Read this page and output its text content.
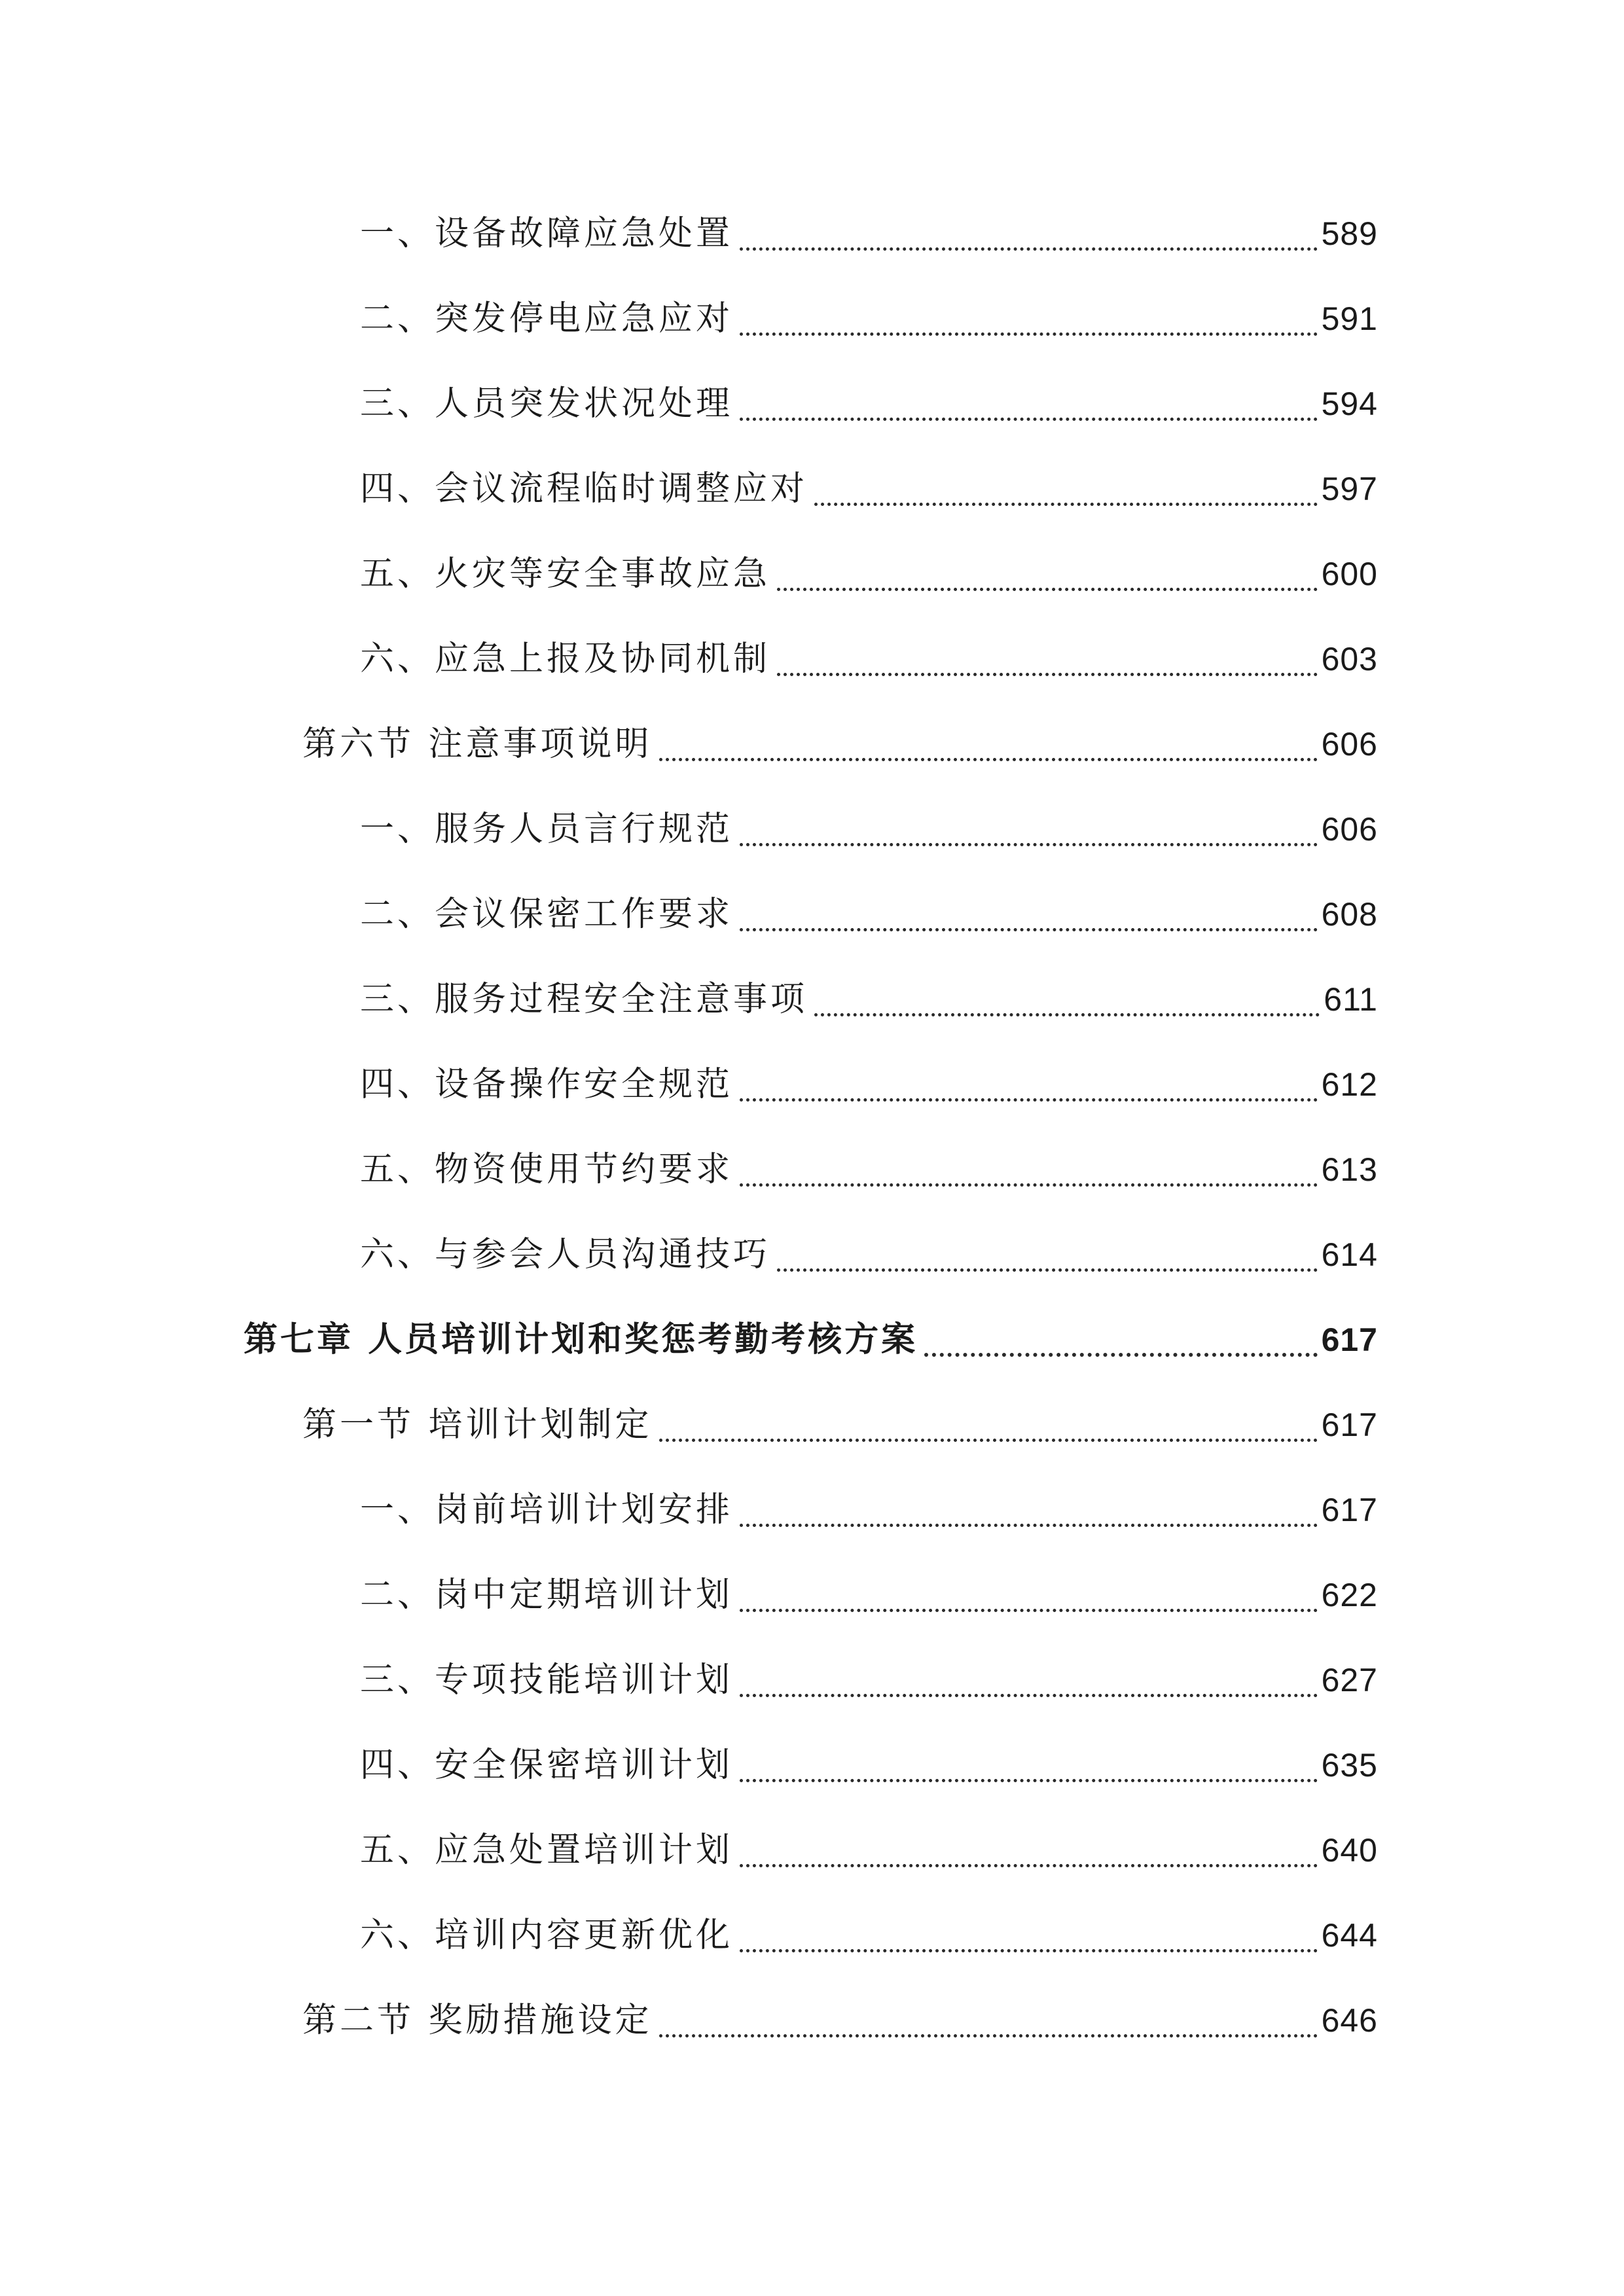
一、设备故障应急处置	589
二、突发停电应急应对	591
三、人员突发状况处理	594
四、会议流程临时调整应对	597
五、火灾等安全事故应急	600
六、应急上报及协同机制	603
第六节 注意事项说明	606
一、服务人员言行规范	606
二、会议保密工作要求	608
三、服务过程安全注意事项	611
四、设备操作安全规范	612
五、物资使用节约要求	613
六、与参会人员沟通技巧	614
第七章 人员培训计划和奖惩考勤考核方案	617
第一节 培训计划制定	617
一、岗前培训计划安排	617
二、岗中定期培训计划	622
三、专项技能培训计划	627
四、安全保密培训计划	635
五、应急处置培训计划	640
六、培训内容更新优化	644
第二节 奖励措施设定	646
